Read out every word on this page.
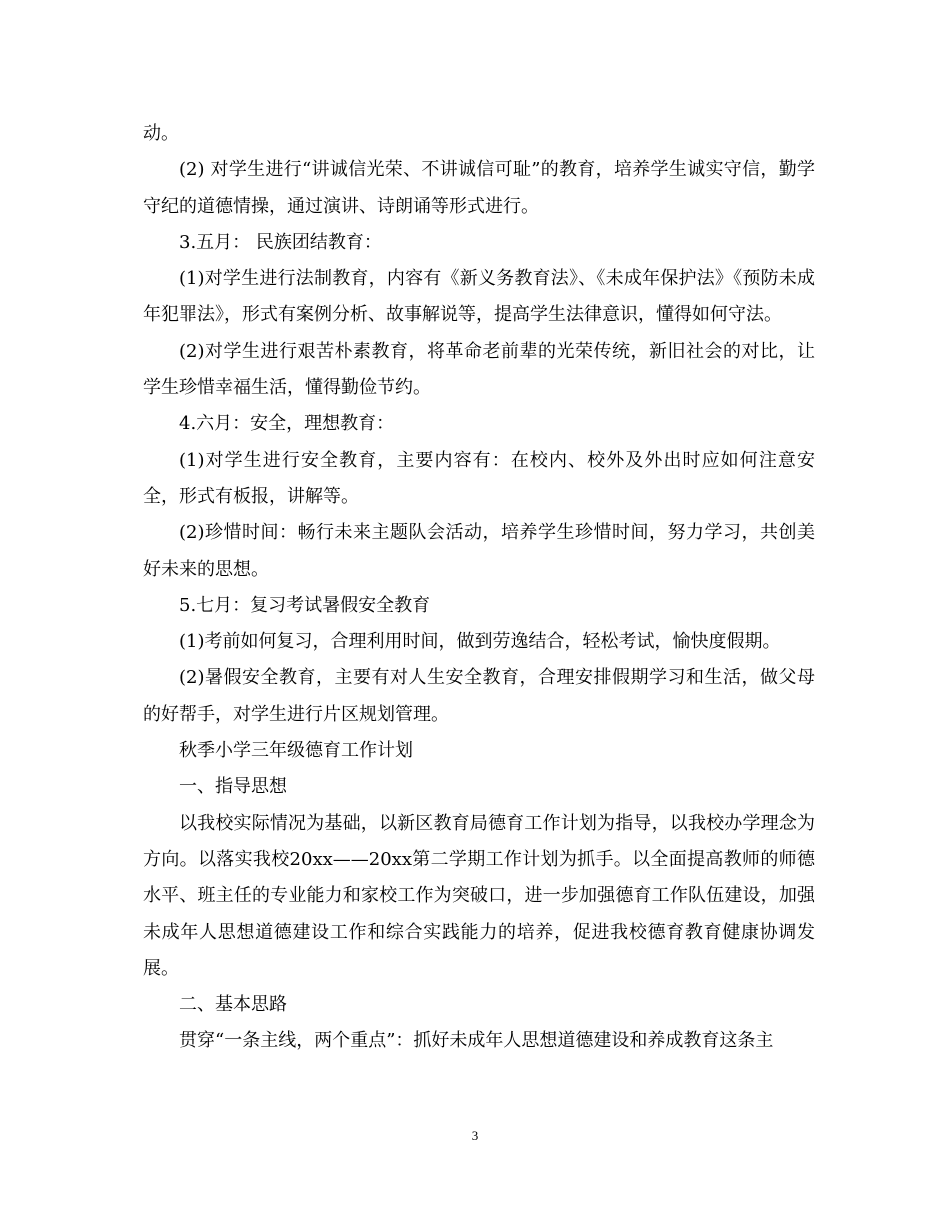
动。

(2) 对学生进行“讲诚信光荣、不讲诚信可耻”的教育，培养学生诚实守信，勤学守纪的道德情操，通过演讲、诗朗诵等形式进行。

3.五月： 民族团结教育：

(1)对学生进行法制教育，内容有《新义务教育法》、《未成年保护法》《预防未成年犯罪法》，形式有案例分析、故事解说等，提高学生法律意识，懂得如何守法。

(2)对学生进行艰苦朴素教育，将革命老前辈的光荣传统，新旧社会的对比，让学生珍惜幸福生活，懂得勤俭节约。

4.六月：安全，理想教育：

(1)对学生进行安全教育，主要内容有：在校内、校外及外出时应如何注意安全，形式有板报，讲解等。

(2)珍惜时间：畅行未来主题队会活动，培养学生珍惜时间，努力学习，共创美好未来的思想。

5.七月：复习考试暑假安全教育

(1)考前如何复习，合理利用时间，做到劳逸结合，轻松考试，愉快度假期。

(2)暑假安全教育，主要有对人生安全教育，合理安排假期学习和生活，做父母的好帮手，对学生进行片区规划管理。

秋季小学三年级德育工作计划

一、指导思想

以我校实际情况为基础，以新区教育局德育工作计划为指导，以我校办学理念为方向。以落实我校20xx——20xx第二学期工作计划为抓手。以全面提高教师的师德水平、班主任的专业能力和家校工作为突破口，进一步加强德育工作队伍建设，加强未成年人思想道德建设工作和综合实践能力的培养，促进我校德育教育健康协调发展。

二、基本思路

贯穿“一条主线，两个重点”：抓好未成年人思想道德建设和养成教育这条主

3
